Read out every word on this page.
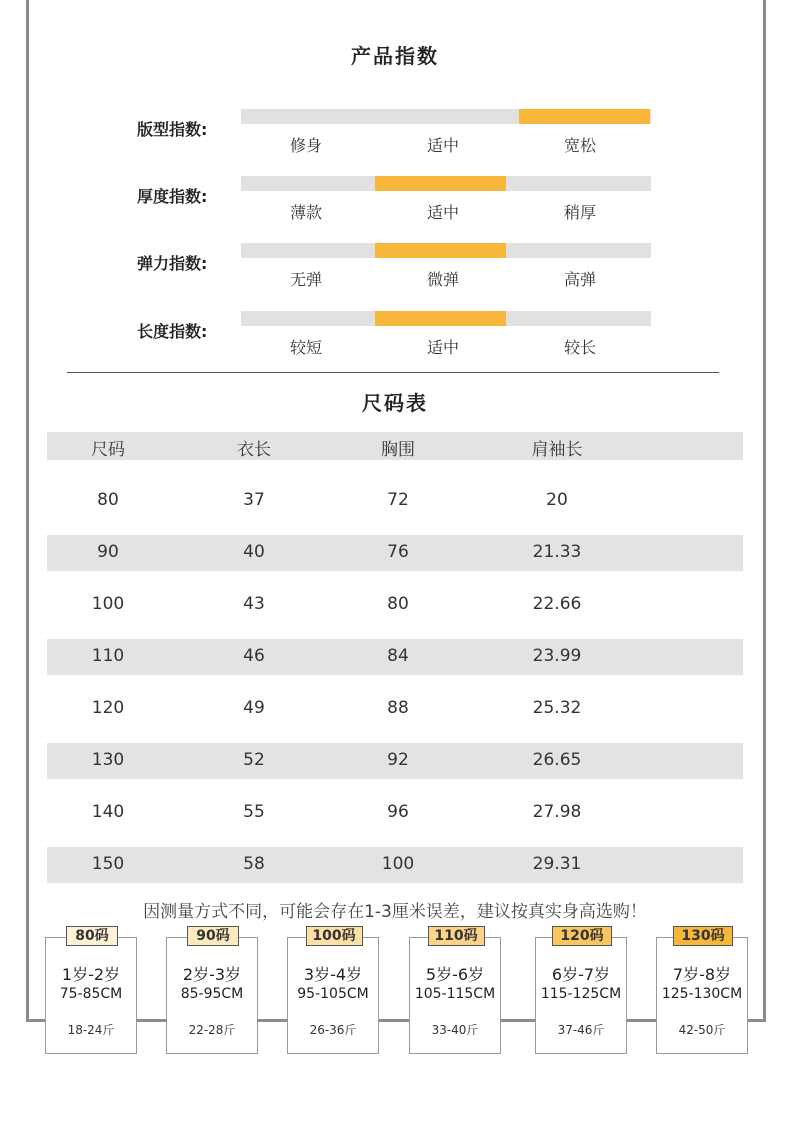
产品指数
版型指数:
修身	适中	宽松
厚度指数:
薄款	适中	稍厚
弹力指数:
无弹	微弹	高弹
长度指数:
较短	适中	较长
尺码表
尺码	衣长	胸围	肩袖长
80	37	72	20
90	40	76	21.33
100	43	80	22.66
110	46	84	23.99
120	49	88	25.32
130	52	92	26.65
140	55	96	27.98
150	58	100	29.31
因测量方式不同，可能会存在1-3厘米误差，建议按真实身高选购！
1岁-2岁
75-85CM
18-24斤
80码
2岁-3岁
85-95CM
22-28斤
90码
3岁-4岁
95-105CM
26-36斤
100码
5岁-6岁
105-115CM
33-40斤
110码
6岁-7岁
115-125CM
37-46斤
120码
7岁-8岁
125-130CM
42-50斤
130码
